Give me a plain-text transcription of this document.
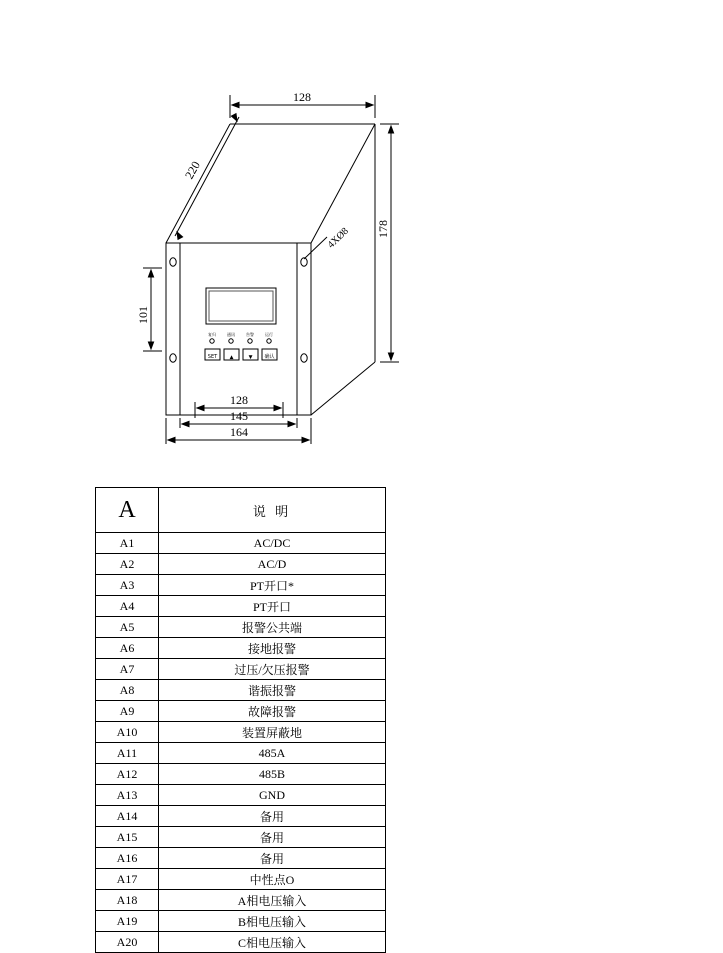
128
220
178
4XØ8
101
128
145
164
复归	通讯	告警	运行
SET ▲	▼ 确认
A	说 明
A1	AC/DC
A2	AC/D
A3	PT开口*
A4	PT开口
A5	报警公共端
A6	接地报警
A7	过压/欠压报警
A8	谐振报警
A9	故障报警
A10	装置屏蔽地
A11	485A
A12	485B
A13	GND
A14	备用
A15	备用
A16	备用
A17	中性点O
A18	A相电压输入
A19	B相电压输入
A20	C相电压输入
